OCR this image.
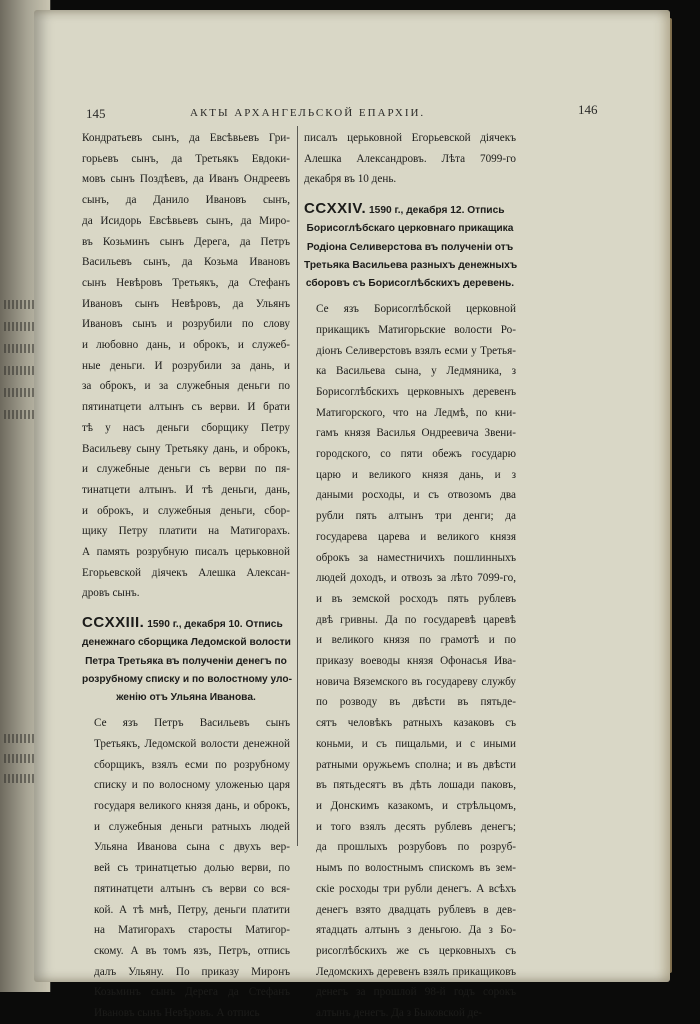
145	АКТЫ АРХАНГЕЛЬСКОЙ ЕПАРХІИ.	146

Кондратьевъ сынъ, да Евсѣвьевъ Гри-
горьевъ сынъ, да Третьякъ Евдоки-
мовъ сынъ Поздѣевъ, да Иванъ Ондреевъ
сынъ, да Данило Ивановъ сынъ,
да Исидорь Евсѣвьевъ сынъ, да Миро-
въ Козьминъ сынъ Дерега, да Петръ
Васильевъ сынъ, да Козьма Ивановъ
сынъ Невѣровъ Третьякъ, да Стефанъ
Ивановъ сынъ Невѣровъ, да Ульянъ
Ивановъ сынъ и розрубили по слову
и любовно дань, и оброкъ, и служеб-
ные деньги. И розрубили за дань, и
за оброкъ, и за служебныя деньги по
пятинатцети алтынъ съ верви. И брати
тѣ у насъ деньги сборщику Петру
Васильеву сыну Третьяку дань, и оброкъ,
и служебные деньги съ верви по пя-
тинатцети алтынъ. И тѣ деньги, дань,
и оброкъ, и служебныя деньги, сбор-
щику Петру платити на Матигорахъ.
А память розрубную писалъ церьковной
Егорьевской діячекъ Алешка Алексан-
дровъ сынъ.

CCXXIII. 1590 г., декабря 10. Отпись
денежнаго сборщика Ледомской волости
Петра Третьяка въ полученіи денегъ по
розрубному списку и по волостному уло-
женію отъ Ульяна Иванова.

Се язъ Петръ Васильевъ сынъ
Третьякъ, Ледомской волости денежной
сборщикъ, взялъ есми по розрубному
списку и по волосному уложенью царя
государя великого князя дань, и оброкъ,
и служебныя деньги ратныхъ людей
Ульяна Иванова сына с двухъ вер-
вей съ тринатцетью долью верви, по
пятинатцети алтынъ съ верви со вся-
кой. А тѣ мнѣ, Петру, деньги платити
на Матигорахъ старосты Матигор-
скому. А въ томъ язъ, Петръ, отпись
далъ Ульяну. По приказу Миронъ
Козьминъ сынъ Дерега да Стефанъ
Ивановъ сынъ Невѣровъ. А отпись

писалъ церьковной Егорьевской діячекъ
Алешка Александровъ. Лѣта 7099-го
декабря въ 10 день.

CCXXIV. 1590 г., декабря 12. Отпись
Борисоглѣбскаго церковнаго прикащика
Родіона Селиверстова въ полученіи отъ
Третьяка Васильева разныхъ денежныхъ
сборовъ съ Борисоглѣбскихъ деревень.

Се язъ Борисоглѣбской церковной
прикащикъ Матигорьские волости Ро-
діонъ Селиверстовъ взялъ есми у Третья-
ка Васильева сына, у Ледмяника, з
Борисоглѣбскихъ церковныхъ деревенъ
Матигорского, что на Ледмѣ, по кни-
гамъ князя Василья Ондреевича Звени-
городского, со пяти обежъ государю
царю и великого князя дань, и з
даными росходы, и съ отвозомъ два
рубли пять алтынъ три денги; да
государева царева и великого князя
оброкъ за наместничихъ пошлинныхъ
людей доходъ, и отвозъ за лѣто 7099-го,
и въ земской росходъ пять рублевъ
двѣ гривны. Да по государевѣ царевѣ
и великого князя по грамотѣ и по
приказу воеводы князя Офонасья Ива-
новича Вяземского въ государеву службу
по розводу въ двѣсти въ пятьде-
сятъ человѣкъ ратныхъ казаковъ съ
коньми, и съ пищальми, и с иными
ратными оружьемъ сполна; и въ двѣсти
въ пятьдесятъ въ дѣть лошади паковъ,
и Донскимъ казакомъ, и стрѣльцомъ,
и того взялъ десять рублевъ денегъ;
да прошлыхъ розрубовъ по розруб-
нымъ по волостнымъ спискомъ въ зем-
скіе росходы три рубли денегъ. А всѣхъ
денегъ взято двадцать рублевъ в дев-
ятадцать алтынъ з деньгою. Да з Бо-
рисоглѣбскихъ же съ церковныхъ съ
Ледомскихъ деревенъ взялъ прикащиковъ
денегъ за прошлой 98-й годъ сорокъ
алтынъ денегъ. Да з Быковской де-
